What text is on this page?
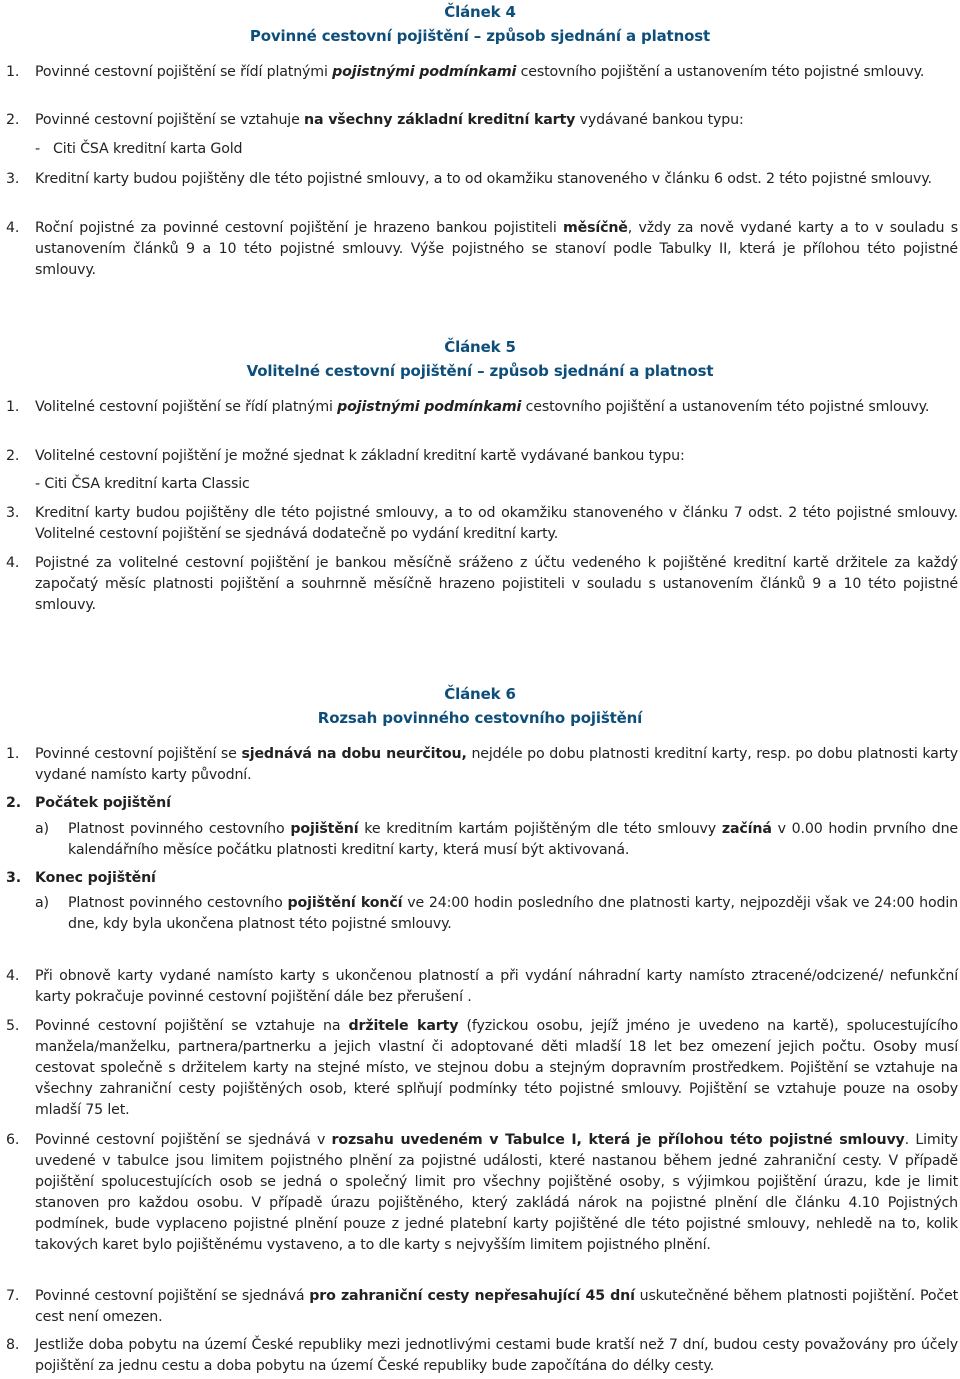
Článek 4
Povinné cestovní pojištění – způsob sjednání a platnost
1.	Povinné cestovní pojištění se řídí platnými pojistnými podmínkami cestovního pojištění a ustanovením této pojistné smlouvy.
2.	Povinné cestovní pojištění se vztahuje na všechny základní kreditní karty vydávané bankou typu:
-   Citi ČSA kreditní karta Gold
3.	Kreditní karty budou pojištěny dle této pojistné smlouvy, a to od okamžiku stanoveného v článku 6 odst. 2 této pojistné smlouvy.
4.	Roční pojistné za povinné cestovní pojištění je hrazeno bankou pojistiteli měsíčně, vždy za nově vydané karty a to v souladu s ustanovením článků 9 a 10 této pojistné smlouvy. Výše pojistného se stanoví podle Tabulky II, která je přílohou této pojistné smlouvy.
Článek 5
Volitelné cestovní pojištění – způsob sjednání a platnost
1.	Volitelné cestovní pojištění se řídí platnými pojistnými podmínkami cestovního pojištění a ustanovením této pojistné smlouvy.
2.	Volitelné cestovní pojištění je možné sjednat k základní kreditní kartě vydávané bankou typu:
- Citi ČSA kreditní karta Classic
3.	Kreditní karty budou pojištěny dle této pojistné smlouvy, a to od okamžiku stanoveného v článku 7 odst. 2 této pojistné smlouvy. Volitelné cestovní pojištění se sjednává dodatečně po vydání kreditní karty.
4.	Pojistné za volitelné cestovní pojištění je bankou měsíčně sráženo z účtu vedeného k pojištěné kreditní kartě držitele za každý započatý měsíc platnosti pojištění a souhrnně měsíčně hrazeno pojistiteli v souladu s ustanovením článků 9 a 10 této pojistné smlouvy.
Článek 6
Rozsah povinného cestovního pojištění
1.	Povinné cestovní pojištění se sjednává na dobu neurčitou, nejdéle po dobu platnosti kreditní karty, resp. po dobu platnosti karty vydané namísto karty původní.
2. Počátek pojištění
a)	Platnost povinného cestovního pojištění ke kreditním kartám pojištěným dle této smlouvy začíná v 0.00 hodin prvního dne kalendářního měsíce počátku platnosti kreditní karty, která musí být aktivovaná.
3. Konec pojištění
a)	Platnost povinného cestovního pojištění končí ve 24:00 hodin posledního dne platnosti karty, nejpozději však ve 24:00 hodin dne, kdy byla ukončena platnost této pojistné smlouvy.
4.	Při obnově karty vydané namísto karty s ukončenou platností a při vydání náhradní karty namísto ztracené/odcizené/ nefunkční karty pokračuje povinné cestovní pojištění dále bez přerušení .
5.	Povinné cestovní pojištění se vztahuje na držitele karty (fyzickou osobu, jejíž jméno je uvedeno na kartě), spolucestujícího manžela/manželku, partnera/partnerku a jejich vlastní či adoptované děti mladší 18 let bez omezení jejich počtu. Osoby musí cestovat společně s držitelem karty na stejné místo, ve stejnou dobu a stejným dopravním prostředkem. Pojištění se vztahuje na všechny zahraniční cesty pojištěných osob, které splňují podmínky této pojistné smlouvy. Pojištění se vztahuje pouze na osoby mladší 75 let.
6.	Povinné cestovní pojištění se sjednává v rozsahu uvedeném v Tabulce I, která je přílohou této pojistné smlouvy. Limity uvedené v tabulce jsou limitem pojistného plnění za pojistné události, které nastanou během jedné zahraniční cesty. V případě pojištění spolucestujících osob se jedná o společný limit pro všechny pojištěné osoby, s výjimkou pojištění úrazu, kde je limit stanoven pro každou osobu. V případě úrazu pojištěného, který zakládá nárok na pojistné plnění dle článku 4.10 Pojistných podmínek, bude vyplaceno pojistné plnění pouze z jedné platební karty pojištěné dle této pojistné smlouvy, nehledě na to, kolik takových karet bylo pojištěnému vystaveno, a to dle karty s nejvyšším limitem pojistného plnění.
7.	Povinné cestovní pojištění se sjednává pro zahraniční cesty nepřesahující 45 dní uskutečněné během platnosti pojištění. Počet cest není omezen.
8.	Jestliže doba pobytu na území České republiky mezi jednotlivými cestami bude kratší než 7 dní, budou cesty považovány pro účely pojištění za jednu cestu a doba pobytu na území České republiky bude započítána do délky cesty.
